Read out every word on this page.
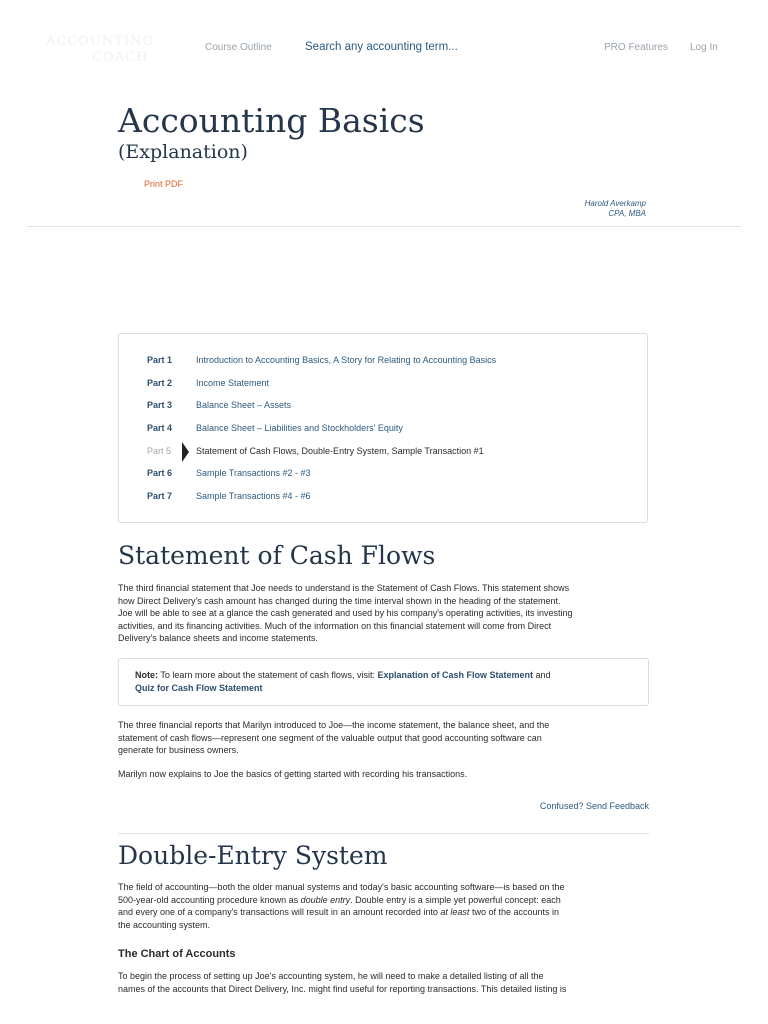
ACCOUNTING
COACH
Course Outline	Search any accounting term...	PRO Features Log In
Accounting Basics
(Explanation)
Print PDF
Harold Averkamp
CPA, MBA
Part 1	Introduction to Accounting Basics, A Story for Relating to Accounting Basics
Part 2	Income Statement
Part 3	Balance Sheet – Assets
Part 4	Balance Sheet – Liabilities and Stockholders' Equity
Part 5	Statement of Cash Flows, Double-Entry System, Sample Transaction #1
Part 6	Sample Transactions #2 - #3
Part 7	Sample Transactions #4 - #6
Statement of Cash Flows
The third financial statement that Joe needs to understand is the Statement of Cash Flows. This statement shows
how Direct Delivery's cash amount has changed during the time interval shown in the heading of the statement.
Joe will be able to see at a glance the cash generated and used by his company's operating activities, its investing
activities, and its financing activities. Much of the information on this financial statement will come from Direct
Delivery's balance sheets and income statements.
Note: To learn more about the statement of cash flows, visit: Explanation of Cash Flow Statement and
Quiz for Cash Flow Statement
The three financial reports that Marilyn introduced to Joe—the income statement, the balance sheet, and the
statement of cash flows—represent one segment of the valuable output that good accounting software can
generate for business owners.
Marilyn now explains to Joe the basics of getting started with recording his transactions.
Confused? Send Feedback
Double-Entry System
The field of accounting—both the older manual systems and today's basic accounting software—is based on the
500-year-old accounting procedure known as double entry. Double entry is a simple yet powerful concept: each
and every one of a company's transactions will result in an amount recorded into at least two of the accounts in
the accounting system.
The Chart of Accounts
To begin the process of setting up Joe's accounting system, he will need to make a detailed listing of all the
names of the accounts that Direct Delivery, Inc. might find useful for reporting transactions. This detailed listing is
